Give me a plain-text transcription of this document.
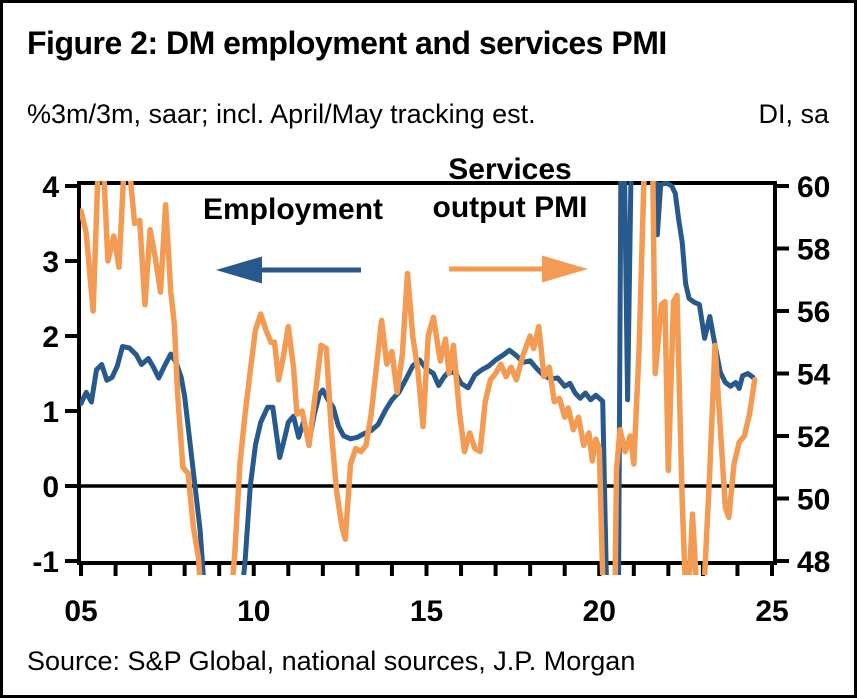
Figure 2: DM employment and services PMI
%3m/3m, saar; incl. April/May tracking est.	DI, sa
Employment
Services
output PMI
4
3
2
1
0
-1
60
58
56
54
52
50
48
05	10	15	20	25
Source: S&P Global, national sources, J.P. Morgan
